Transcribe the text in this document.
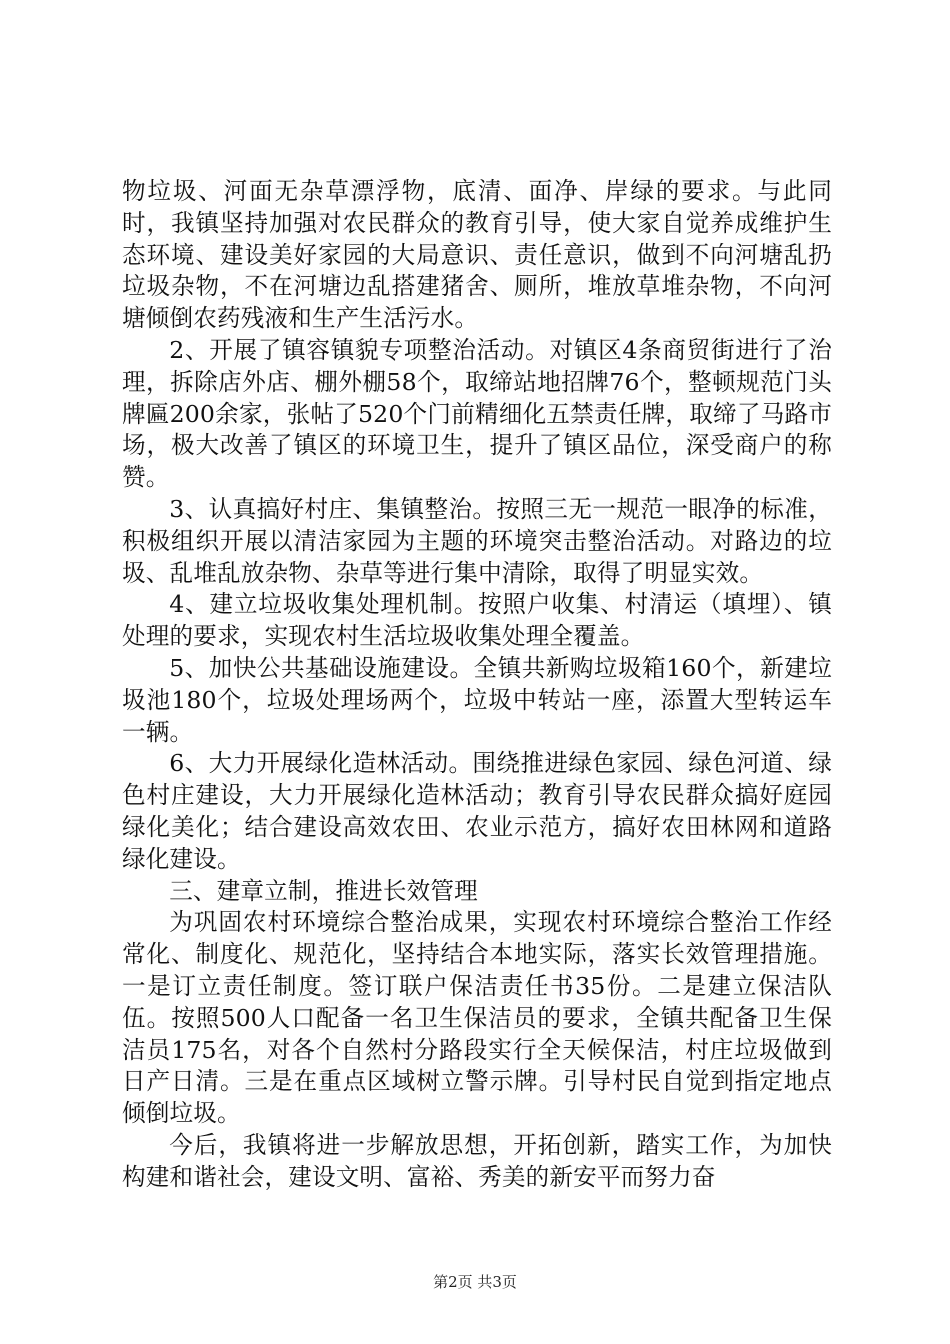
物垃圾、河面无杂草漂浮物，底清、面净、岸绿的要求。与此同时，我镇坚持加强对农民群众的教育引导，使大家自觉养成维护生态环境、建设美好家园的大局意识、责任意识，做到不向河塘乱扔垃圾杂物，不在河塘边乱搭建猪舍、厕所，堆放草堆杂物，不向河塘倾倒农药残液和生产生活污水。

2、开展了镇容镇貌专项整治活动。对镇区4条商贸街进行了治理，拆除店外店、棚外棚58个，取缔站地招牌76个，整顿规范门头牌匾200余家，张帖了520个门前精细化五禁责任牌，取缔了马路市场，极大改善了镇区的环境卫生，提升了镇区品位，深受商户的称赞。

3、认真搞好村庄、集镇整治。按照三无一规范一眼净的标准，积极组织开展以清洁家园为主题的环境突击整治活动。对路边的垃圾、乱堆乱放杂物、杂草等进行集中清除，取得了明显实效。

4、建立垃圾收集处理机制。按照户收集、村清运（填埋）、镇处理的要求，实现农村生活垃圾收集处理全覆盖。

5、加快公共基础设施建设。全镇共新购垃圾箱160个，新建垃圾池180个，垃圾处理场两个，垃圾中转站一座，添置大型转运车一辆。

6、大力开展绿化造林活动。围绕推进绿色家园、绿色河道、绿色村庄建设，大力开展绿化造林活动；教育引导农民群众搞好庭园绿化美化；结合建设高效农田、农业示范方，搞好农田林网和道路绿化建设。

三、建章立制，推进长效管理

为巩固农村环境综合整治成果，实现农村环境综合整治工作经常化、制度化、规范化，坚持结合本地实际，落实长效管理措施。一是订立责任制度。签订联户保洁责任书35份。二是建立保洁队伍。按照500人口配备一名卫生保洁员的要求，全镇共配备卫生保洁员175名，对各个自然村分路段实行全天候保洁，村庄垃圾做到日产日清。三是在重点区域树立警示牌。引导村民自觉到指定地点倾倒垃圾。

今后，我镇将进一步解放思想，开拓创新，踏实工作，为加快构建和谐社会，建设文明、富裕、秀美的新安平而努力奋

第2页 共3页
